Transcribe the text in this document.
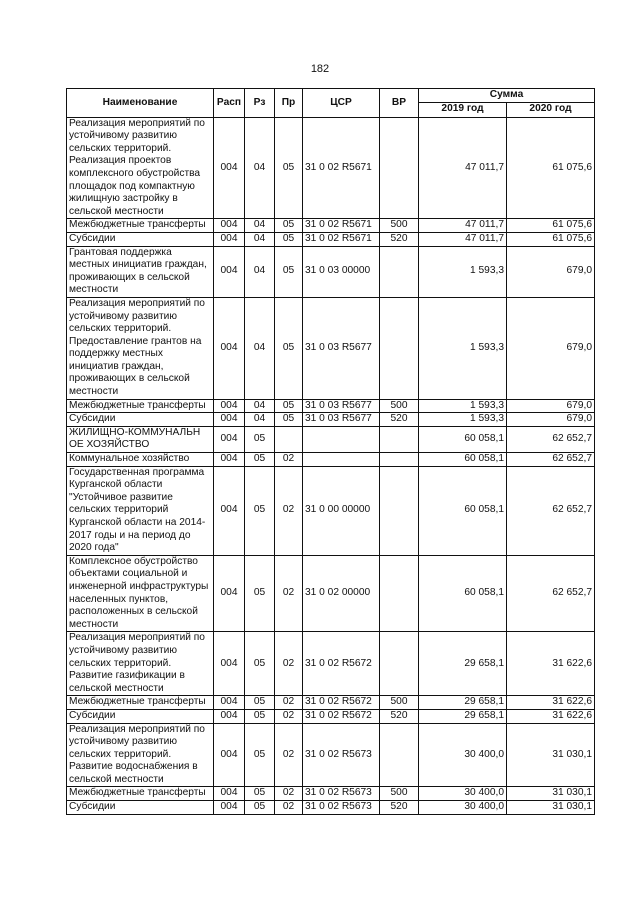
182
Наименование	Расп	Рз	Пр	ЦСР	ВР	Сумма	
						2019 год	2020 год
Реализация мероприятий по устойчивому развитию сельских территорий. Реализация проектов комплексного обустройства площадок под компактную жилищную застройку в сельской местности	004	04	05	31 0 02 R5671		47 011,7	61 075,6
Межбюджетные трансферты	004	04	05	31 0 02 R5671	500	47 011,7	61 075,6
Субсидии	004	04	05	31 0 02 R5671	520	47 011,7	61 075,6
Грантовая поддержка местных инициатив граждан, проживающих в сельской местности	004	04	05	31 0 03 00000		1 593,3	679,0
Реализация мероприятий по устойчивому развитию сельских территорий. Предоставление грантов на поддержку местных инициатив граждан, проживающих в сельской местности	004	04	05	31 0 03 R5677		1 593,3	679,0
Межбюджетные трансферты	004	04	05	31 0 03 R5677	500	1 593,3	679,0
Субсидии	004	04	05	31 0 03 R5677	520	1 593,3	679,0
ЖИЛИЩНО-КОММУНАЛЬН ОЕ ХОЗЯЙСТВО	004	05				60 058,1	62 652,7
Коммунальное хозяйство	004	05	02			60 058,1	62 652,7
Государственная программа Курганской области "Устойчивое развитие сельских территорий Курганской области на 2014-2017 годы и на период до 2020 года"	004	05	02	31 0 00 00000		60 058,1	62 652,7
Комплексное обустройство объектами социальной и инженерной инфраструктуры населенных пунктов, расположенных в сельской местности	004	05	02	31 0 02 00000		60 058,1	62 652,7
Реализация мероприятий по устойчивому развитию сельских территорий. Развитие газификации в сельской местности	004	05	02	31 0 02 R5672		29 658,1	31 622,6
Межбюджетные трансферты	004	05	02	31 0 02 R5672	500	29 658,1	31 622,6
Субсидии	004	05	02	31 0 02 R5672	520	29 658,1	31 622,6
Реализация мероприятий по устойчивому развитию сельских территорий. Развитие водоснабжения в сельской местности	004	05	02	31 0 02 R5673		30 400,0	31 030,1
Межбюджетные трансферты	004	05	02	31 0 02 R5673	500	30 400,0	31 030,1
Субсидии	004	05	02	31 0 02 R5673	520	30 400,0	31 030,1
